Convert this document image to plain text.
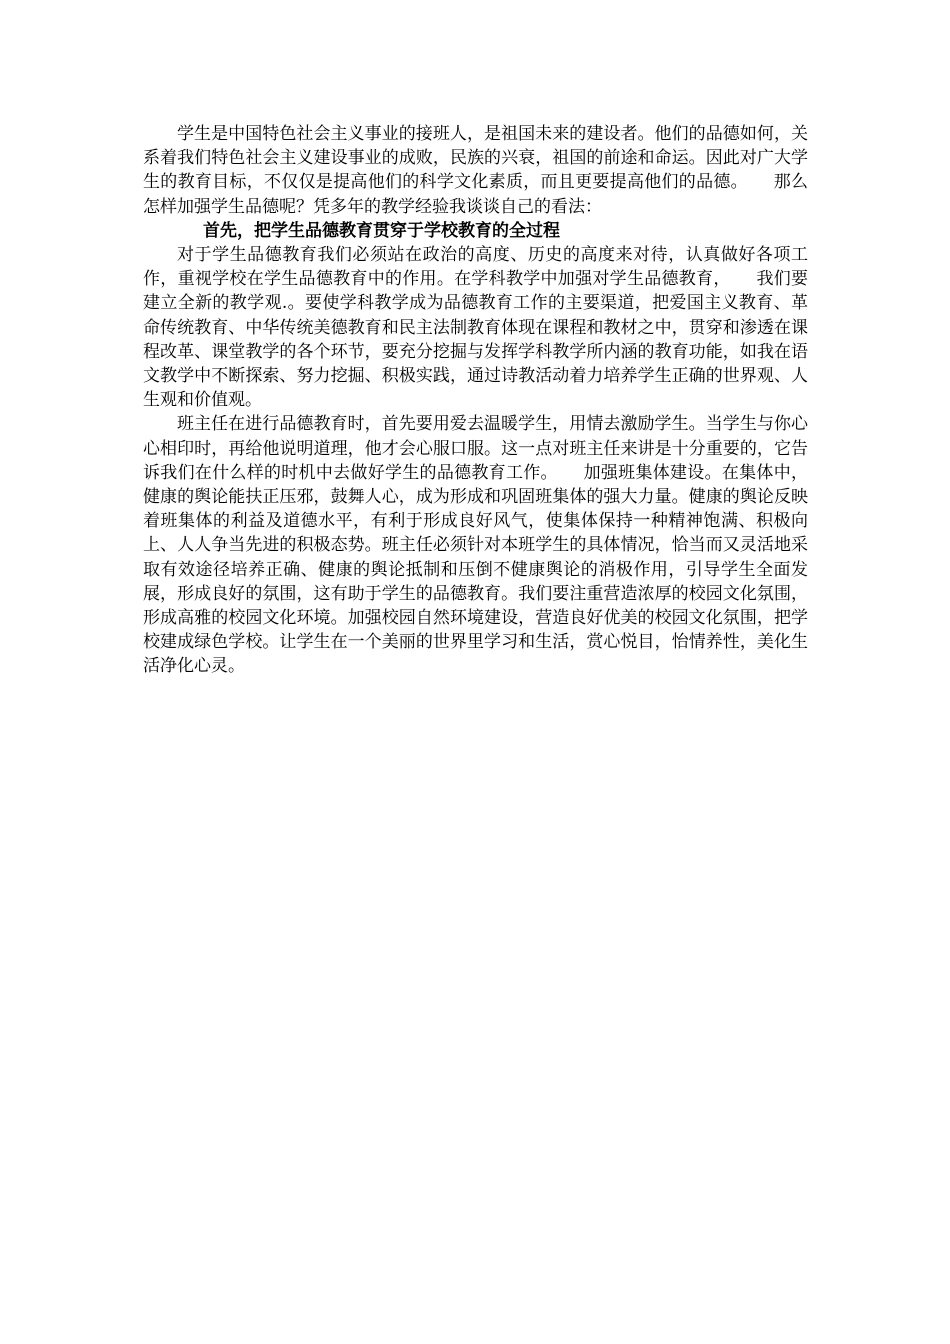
学生是中国特色社会主义事业的接班人，是祖国未来的建设者。他们的品德如何，关系着我们特色社会主义建设事业的成败，民族的兴衰，祖国的前途和命运。因此对广大学生的教育目标，不仅仅是提高他们的科学文化素质，而且更要提高他们的品德。 那么怎样加强学生品德呢？凭多年的教学经验我谈谈自己的看法：

首先，把学生品德教育贯穿于学校教育的全过程

对于学生品德教育我们必须站在政治的高度、历史的高度来对待，认真做好各项工作，重视学校在学生品德教育中的作用。在学科教学中加强对学生品德教育， 我们要建立全新的教学观.。要使学科教学成为品德教育工作的主要渠道，把爱国主义教育、革命传统教育、中华传统美德教育和民主法制教育体现在课程和教材之中，贯穿和渗透在课程改革、课堂教学的各个环节，要充分挖掘与发挥学科教学所内涵的教育功能，如我在语文教学中不断探索、努力挖掘、积极实践，通过诗教活动着力培养学生正确的世界观、人生观和价值观。

班主任在进行品德教育时，首先要用爱去温暖学生，用情去激励学生。当学生与你心心相印时，再给他说明道理，他才会心服口服。这一点对班主任来讲是十分重要的，它告诉我们在什么样的时机中去做好学生的品德教育工作。 加强班集体建设。在集体中，健康的舆论能扶正压邪，鼓舞人心，成为形成和巩固班集体的强大力量。健康的舆论反映着班集体的利益及道德水平，有利于形成良好风气，使集体保持一种精神饱满、积极向上、人人争当先进的积极态势。班主任必须针对本班学生的具体情况，恰当而又灵活地采取有效途径培养正确、健康的舆论抵制和压倒不健康舆论的消极作用，引导学生全面发展，形成良好的氛围，这有助于学生的品德教育。我们要注重营造浓厚的校园文化氛围，形成高雅的校园文化环境。加强校园自然环境建设，营造良好优美的校园文化氛围，把学校建成绿色学校。让学生在一个美丽的世界里学习和生活，赏心悦目，怡情养性，美化生活净化心灵。
